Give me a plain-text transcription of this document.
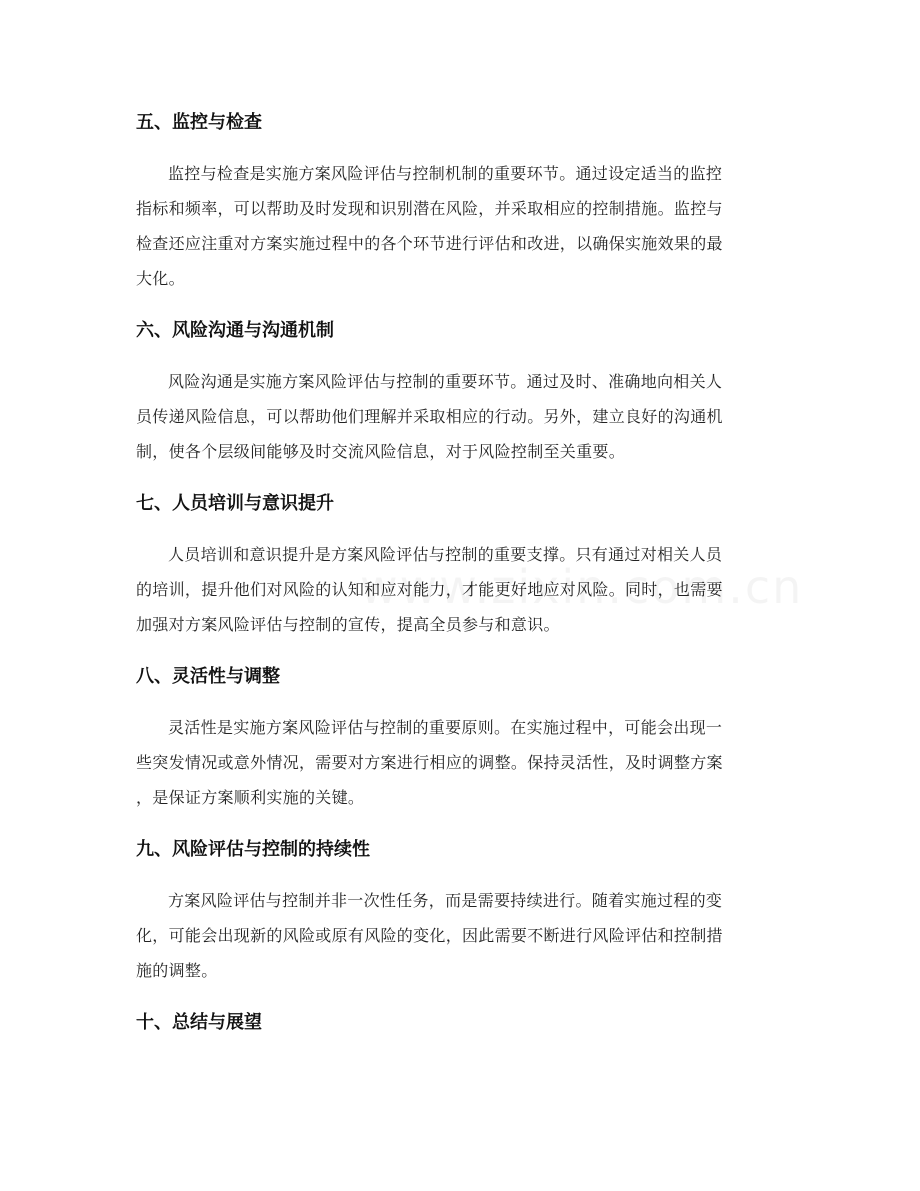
五、监控与检查
监控与检查是实施方案风险评估与控制机制的重要环节。通过设定适当的监控
指标和频率，可以帮助及时发现和识别潜在风险，并采取相应的控制措施。监控与
检查还应注重对方案实施过程中的各个环节进行评估和改进，以确保实施效果的最
大化。
六、风险沟通与沟通机制
风险沟通是实施方案风险评估与控制的重要环节。通过及时、准确地向相关人
员传递风险信息，可以帮助他们理解并采取相应的行动。另外，建立良好的沟通机
制，使各个层级间能够及时交流风险信息，对于风险控制至关重要。
七、人员培训与意识提升
人员培训和意识提升是方案风险评估与控制的重要支撑。只有通过对相关人员
的培训，提升他们对风险的认知和应对能力，才能更好地应对风险。同时，也需要
加强对方案风险评估与控制的宣传，提高全员参与和意识。
八、灵活性与调整
灵活性是实施方案风险评估与控制的重要原则。在实施过程中，可能会出现一
些突发情况或意外情况，需要对方案进行相应的调整。保持灵活性，及时调整方案
，是保证方案顺利实施的关键。
九、风险评估与控制的持续性
方案风险评估与控制并非一次性任务，而是需要持续进行。随着实施过程的变
化，可能会出现新的风险或原有风险的变化，因此需要不断进行风险评估和控制措
施的调整。
十、总结与展望
